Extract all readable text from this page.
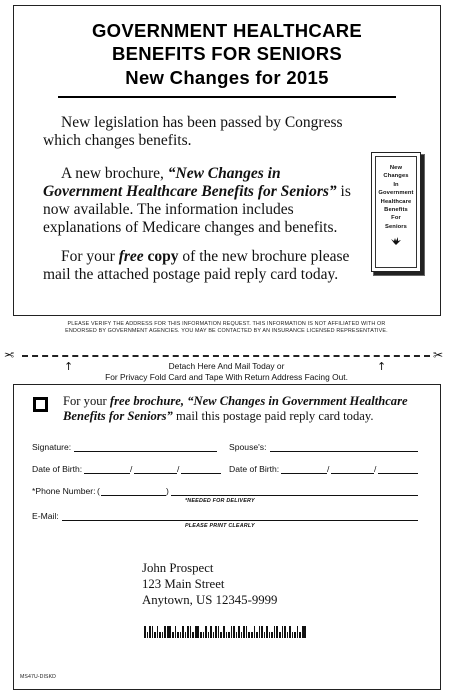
GOVERNMENT HEALTHCARE
BENEFITS FOR SENIORS
New Changes for 2015

New legislation has been passed by Congress which changes benefits.

A new brochure, “New Changes in Government Healthcare Benefits for Seniors” is now available. The information includes explanations of Medicare changes and benefits.

For your free copy of the new brochure please mail the attached postage paid reply card today.

New
Changes
In
Government
Healthcare
Benefits
For
Seniors
PLEASE VERIFY THE ADDRESS FOR THIS INFORMATION REQUEST. THIS INFORMATION IS NOT AFFILIATED WITH OR
ENDORSED BY GOVERNMENT AGENCIES. YOU MAY BE CONTACTED BY AN INSURANCE LICENSED REPRESENTATIVE.
✂	✂
↑	↑
Detach Here And Mail Today or
For Privacy Fold Card and Tape With Return Address Facing Out.

For your free brochure, “New Changes in Government Healthcare Benefits for Seniors” mail this postage paid reply card today.

Signature:	Spouse's:
Date of Birth:	/	/	Date of Birth:	/	/
*Phone Number: (	)
*NEEDED FOR DELIVERY
E-Mail:
PLEASE PRINT CLEARLY
John Prospect
123 Main Street
Anytown, US 12345-9999
MS47U-DISKD
